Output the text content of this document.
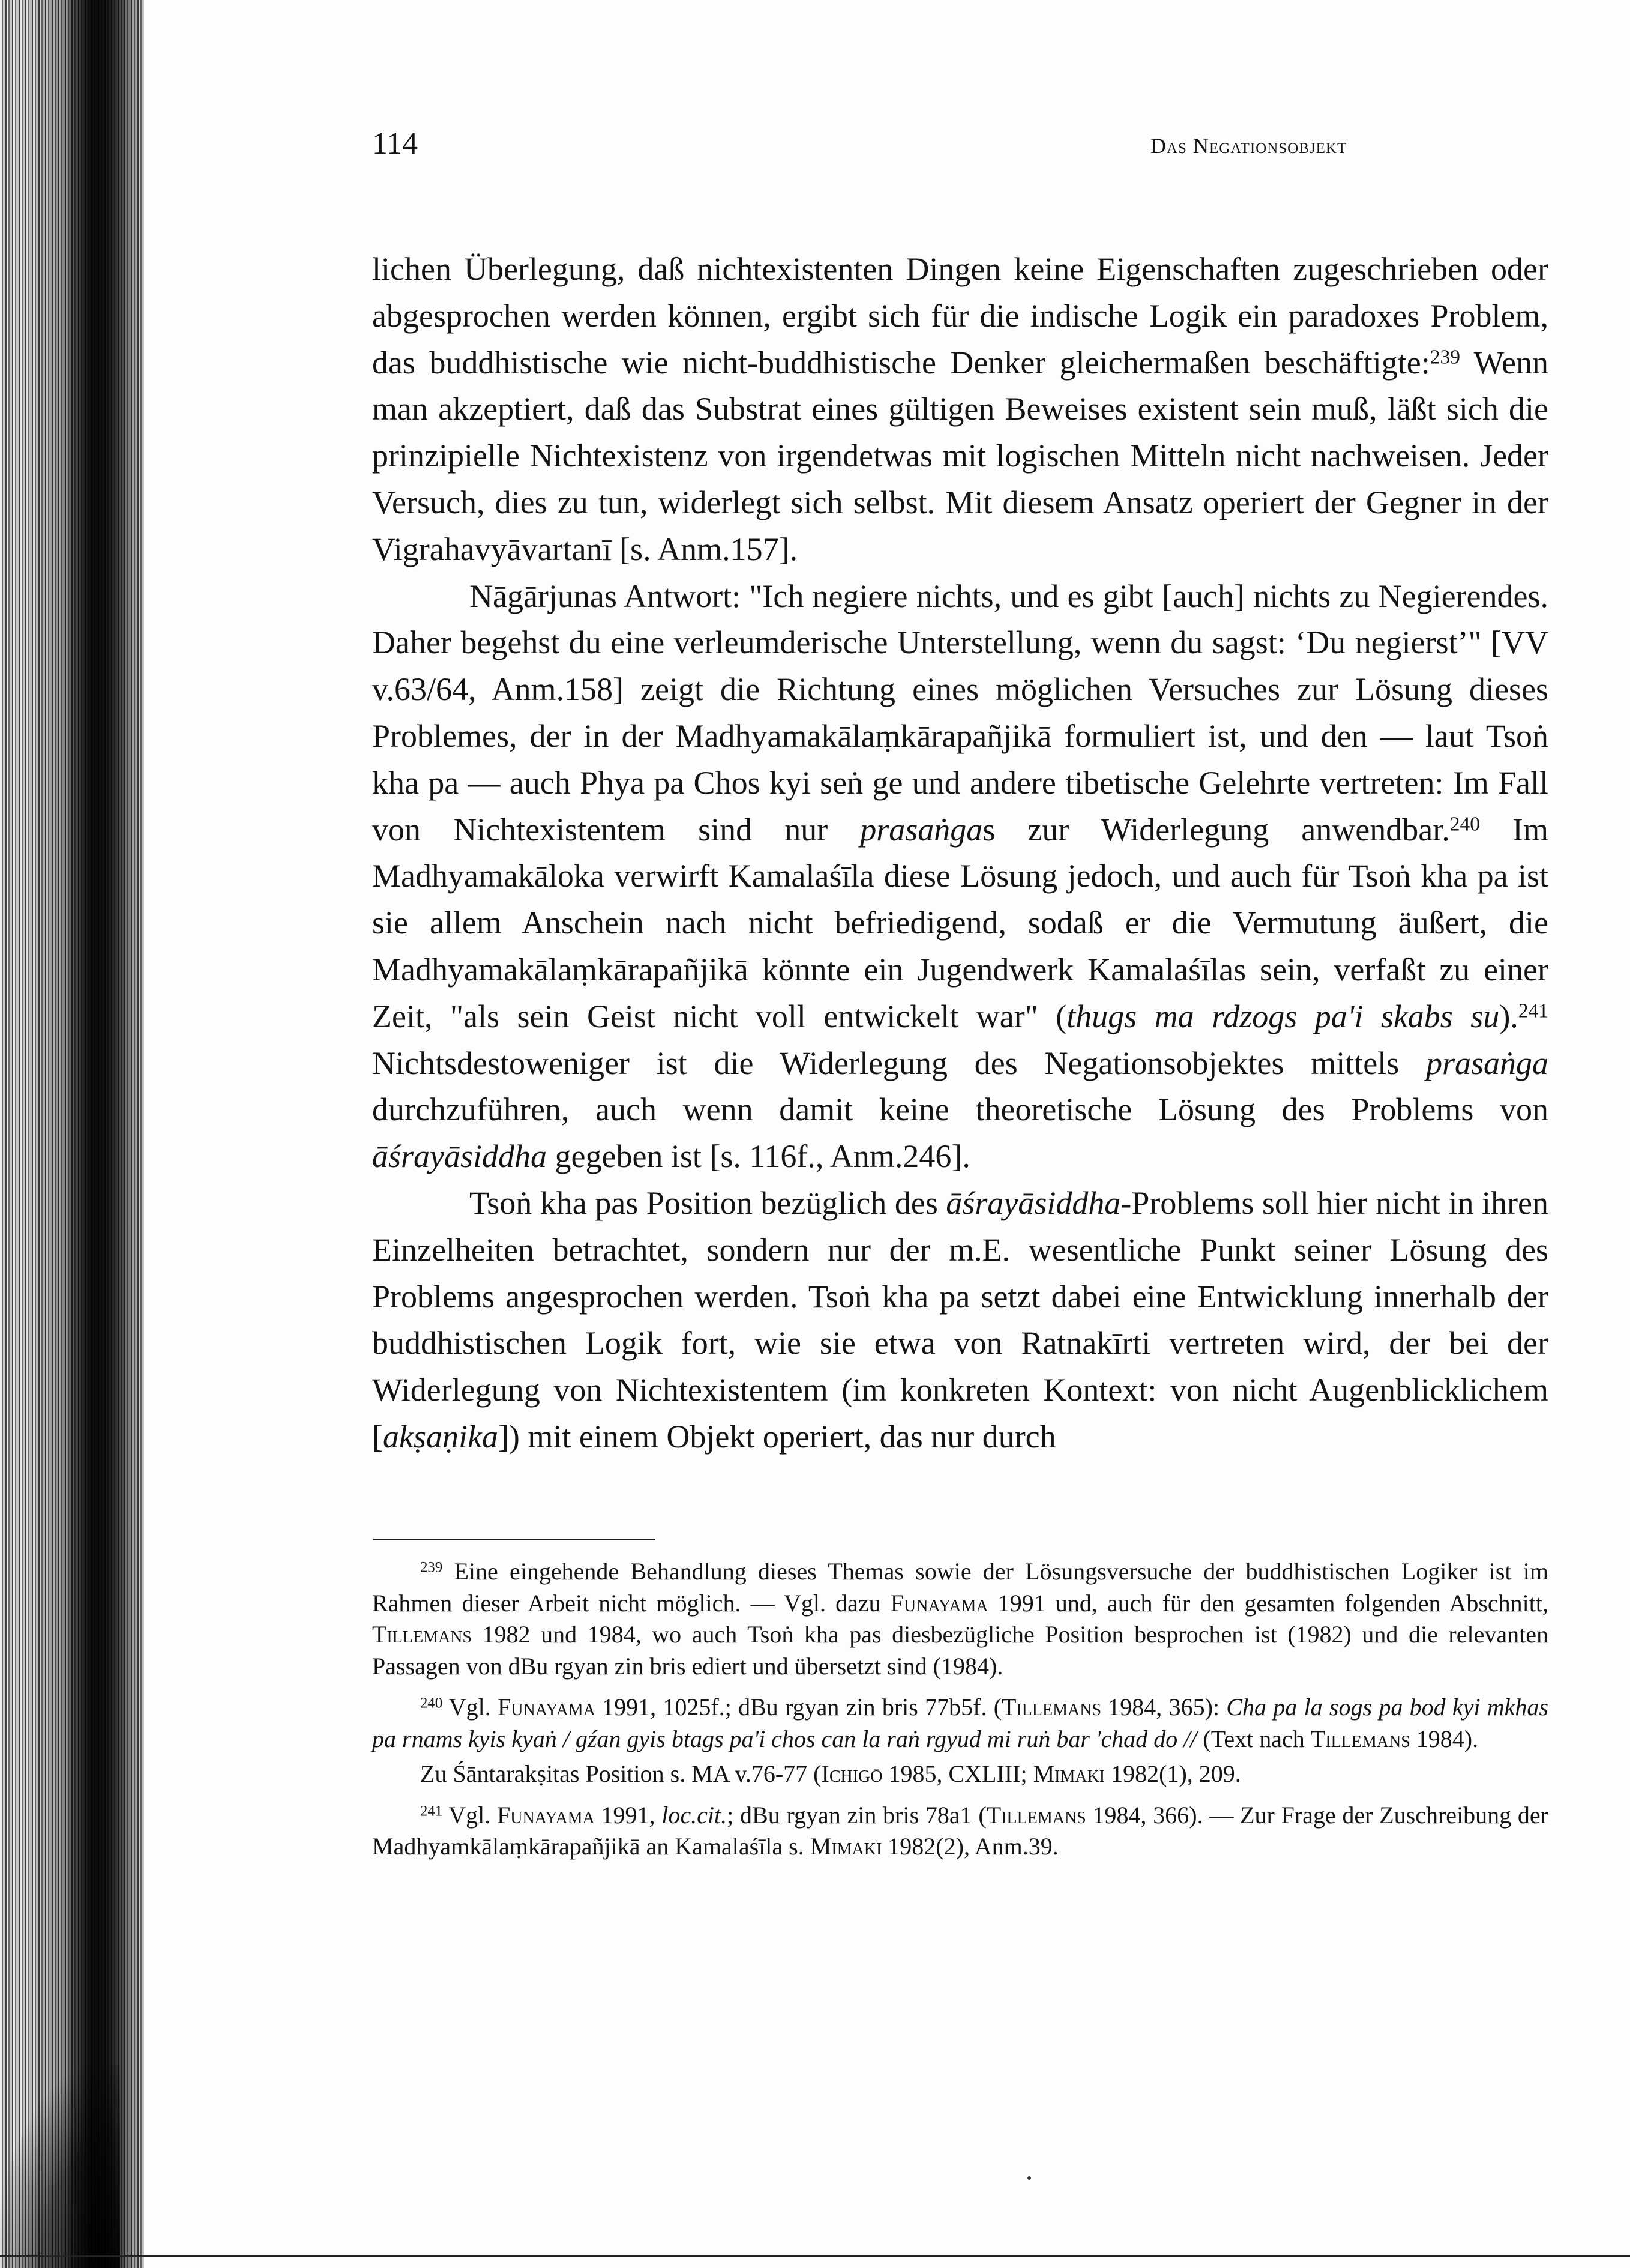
114	Das Negationsobjekt

lichen Überlegung, daß nichtexistenten Dingen keine Eigenschaften zugeschrieben oder abgesprochen werden können, ergibt sich für die indische Logik ein paradoxes Problem, das buddhistische wie nicht-buddhistische Denker gleichermaßen beschäftigte:$^{239}$ Wenn man akzeptiert, daß das Substrat eines gültigen Beweises existent sein muß, läßt sich die prinzipielle Nichtexistenz von irgendetwas mit logischen Mitteln nicht nachweisen. Jeder Versuch, dies zu tun, widerlegt sich selbst. Mit diesem Ansatz operiert der Gegner in der Vigrahavyāvartanī [s. Anm.157].

Nāgārjunas Antwort: "Ich negiere nichts, und es gibt [auch] nichts zu Negierendes. Daher begehst du eine verleumderische Unterstellung, wenn du sagst: ‘Du negierst’" [VV v.63/64, Anm.158] zeigt die Richtung eines möglichen Versuches zur Lösung dieses Problemes, der in der Madhyamakālaṃkārapañjikā formuliert ist, und den — laut Tsoṅ kha pa — auch Phya pa Chos kyi seṅ ge und andere tibetische Gelehrte vertreten: Im Fall von Nichtexistentem sind nur prasaṅgas zur Widerlegung anwendbar.$^{240}$ Im Madhyamakāloka verwirft Kamalaśīla diese Lösung jedoch, und auch für Tsoṅ kha pa ist sie allem Anschein nach nicht befriedigend, sodaß er die Vermutung äußert, die Madhyamakālaṃkārapañjikā könnte ein Jugendwerk Kamalaśīlas sein, verfaßt zu einer Zeit, "als sein Geist nicht voll entwickelt war" (thugs ma rdzogs pa'i skabs su).$^{241}$ Nichtsdestoweniger ist die Widerlegung des Negationsobjektes mittels prasaṅga durchzuführen, auch wenn damit keine theoretische Lösung des Problems von āśrayāsiddha gegeben ist [s. 116f., Anm.246].

Tsoṅ kha pas Position bezüglich des āśrayāsiddha-Problems soll hier nicht in ihren Einzelheiten betrachtet, sondern nur der m.E. wesentliche Punkt seiner Lösung des Problems angesprochen werden. Tsoṅ kha pa setzt dabei eine Entwicklung innerhalb der buddhistischen Logik fort, wie sie etwa von Ratnakīrti vertreten wird, der bei der Widerlegung von Nichtexistentem (im konkreten Kontext: von nicht Augenblicklichem [akṣaṇika]) mit einem Objekt operiert, das nur durch

$^{239}$ Eine eingehende Behandlung dieses Themas sowie der Lösungsversuche der buddhistischen Logiker ist im Rahmen dieser Arbeit nicht möglich. — Vgl. dazu Funayama 1991 und, auch für den gesamten folgenden Abschnitt, Tillemans 1982 und 1984, wo auch Tsoṅ kha pas diesbezügliche Position besprochen ist (1982) und die relevanten Passagen von dBu rgyan zin bris ediert und übersetzt sind (1984).

$^{240}$ Vgl. Funayama 1991, 1025f.; dBu rgyan zin bris 77b5f. (Tillemans 1984, 365): Cha pa la sogs pa bod kyi mkhas pa rnams kyis kyaṅ / gźan gyis btags pa'i chos can la raṅ rgyud mi ruṅ bar 'chad do // (Text nach Tillemans 1984).

Zu Śāntarakṣitas Position s. MA v.76-77 (Ichigō 1985, CXLIII; Mimaki 1982(1), 209.

$^{241}$ Vgl. Funayama 1991, loc.cit.; dBu rgyan zin bris 78a1 (Tillemans 1984, 366). — Zur Frage der Zuschreibung der Madhyamkālaṃkārapañjikā an Kamalaśīla s. Mimaki 1982(2), Anm.39.
